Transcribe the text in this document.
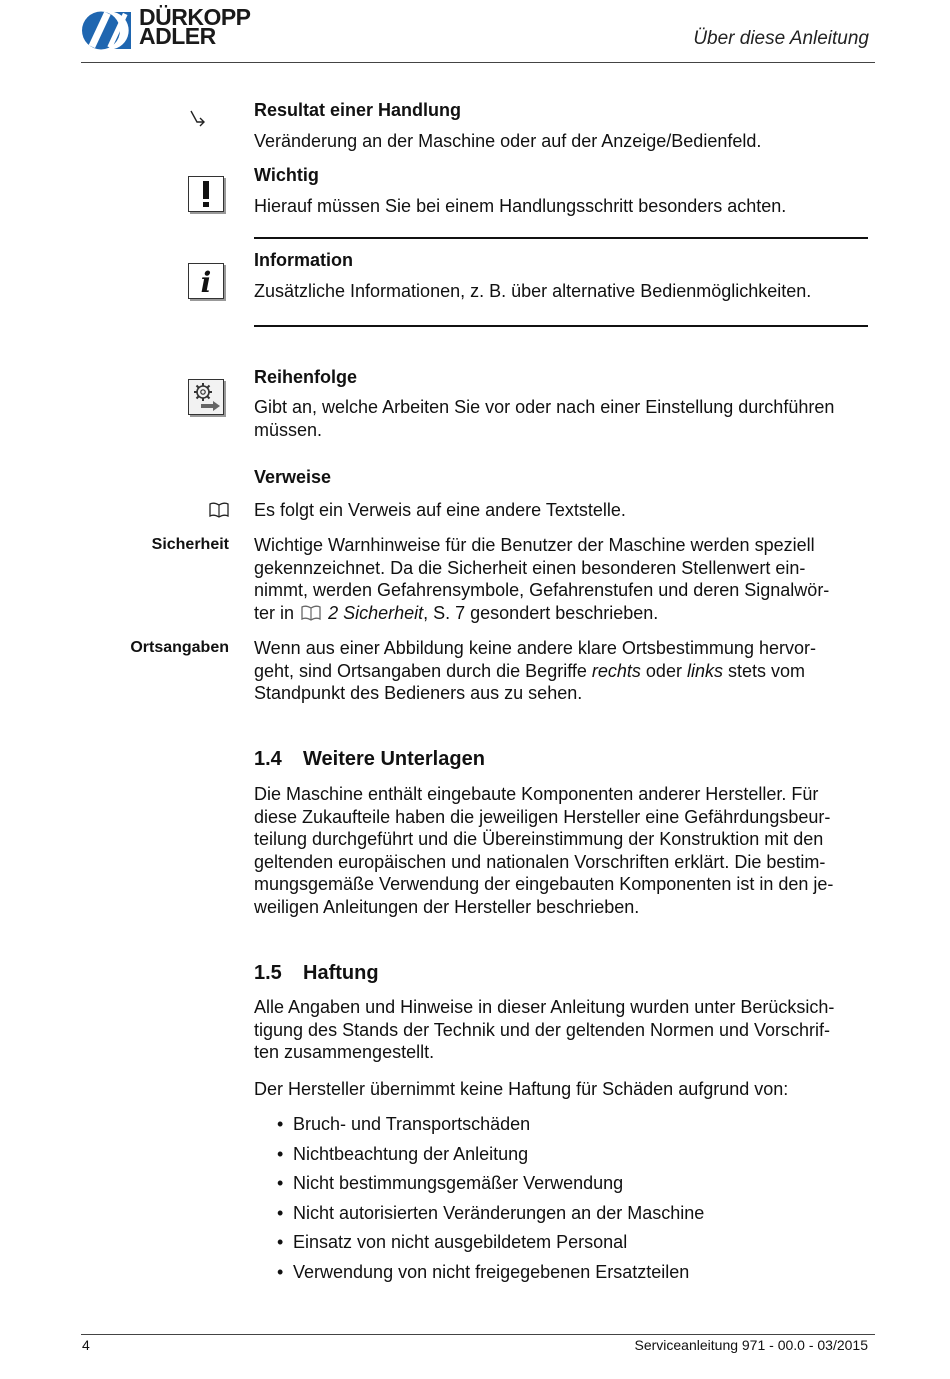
DÜRKOPP
ADLER	Über diese Anleitung
Resultat einer Handlung
Veränderung an der Maschine oder auf der Anzeige/Bedienfeld.
Wichtig
Hierauf müssen Sie bei einem Handlungsschritt besonders achten.
i
Information
Zusätzliche Informationen, z. B. über alternative Bedienmöglichkeiten.
Reihenfolge
Gibt an, welche Arbeiten Sie vor oder nach einer Einstellung durchführen
müssen.
Verweise
Es folgt ein Verweis auf eine andere Textstelle.
Sicherheit Wichtige Warnhinweise für die Benutzer der Maschine werden speziell
gekennzeichnet. Da die Sicherheit einen besonderen Stellenwert ein-
nimmt, werden Gefahrensymbole, Gefahrenstufen und deren Signalwör-
ter in 2 Sicherheit, S. 7 gesondert beschrieben.
Ortsangaben Wenn aus einer Abbildung keine andere klare Ortsbestimmung hervor-
geht, sind Ortsangaben durch die Begriffe rechts oder links stets vom
Standpunkt des Bedieners aus zu sehen.
1.4 Weitere Unterlagen
Die Maschine enthält eingebaute Komponenten anderer Hersteller. Für
diese Zukaufteile haben die jeweiligen Hersteller eine Gefährdungsbeur-
teilung durchgeführt und die Übereinstimmung der Konstruktion mit den
geltenden europäischen und nationalen Vorschriften erklärt. Die bestim-
mungsgemäße Verwendung der eingebauten Komponenten ist in den je-
weiligen Anleitungen der Hersteller beschrieben.
1.5 Haftung
Alle Angaben und Hinweise in dieser Anleitung wurden unter Berücksich-
tigung des Stands der Technik und der geltenden Normen und Vorschrif-
ten zusammengestellt.
Der Hersteller übernimmt keine Haftung für Schäden aufgrund von:
• Bruch- und Transportschäden
• Nichtbeachtung der Anleitung
• Nicht bestimmungsgemäßer Verwendung
• Nicht autorisierten Veränderungen an der Maschine
• Einsatz von nicht ausgebildetem Personal
• Verwendung von nicht freigegebenen Ersatzteilen
4	Serviceanleitung 971 - 00.0 - 03/2015
